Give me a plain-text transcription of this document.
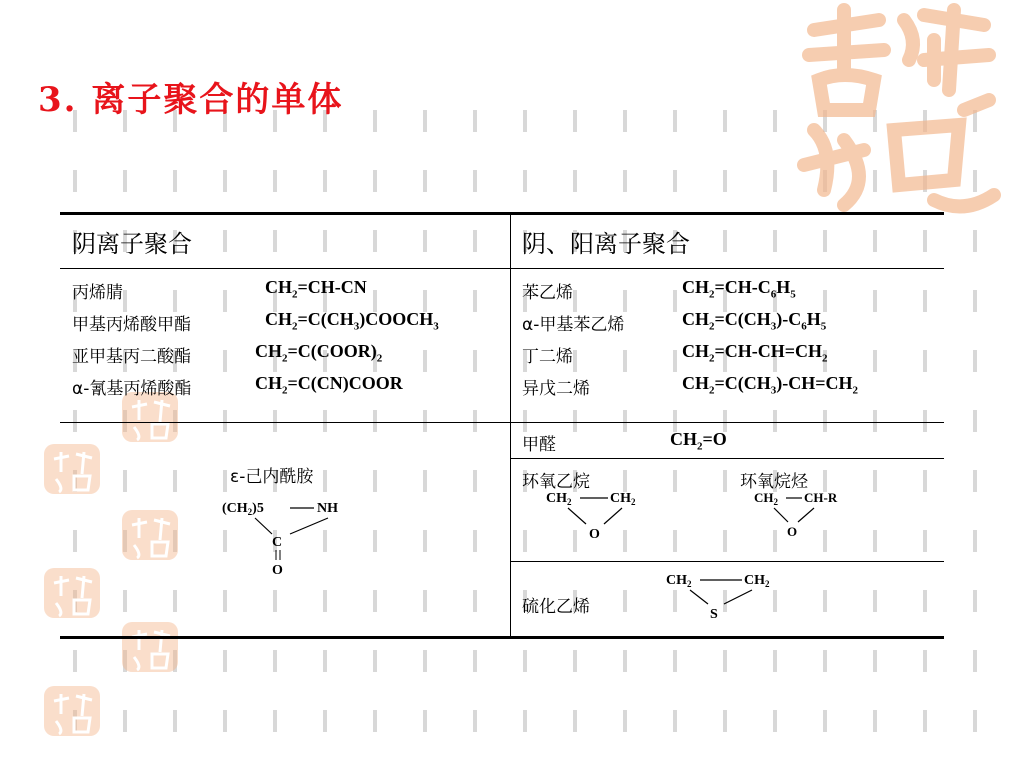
3. 离子聚合的单体
阴离子聚合	阴、阳离子聚合
丙烯腈	$CH_2=CH-CN$
甲基丙烯酸甲酯	$CH_2=C(CH_3)COOCH_3$
亚甲基丙二酸酯	$CH_2=C(COOR)_2$
α-氰基丙烯酸酯	$CH_2=C(CN)COOR$
苯乙烯	$CH_2=CH-C_6H_5$
α-甲基苯乙烯	$CH_2=C(CH_3)-C_6H_5$
丁二烯	$CH_2=CH-CH=CH_2$
异戊二烯	$CH_2=C(CH_3)-CH=CH_2$
甲醛	$CH_2=O$
ε-己内酰胺
$(CH_2)5$	NH
C
O
环氧乙烷	环氧烷烃
$CH_2$	$CH_2$
O
$CH_2$ CH-R
O
硫化乙烯
$CH_2$	$CH_2$
S
